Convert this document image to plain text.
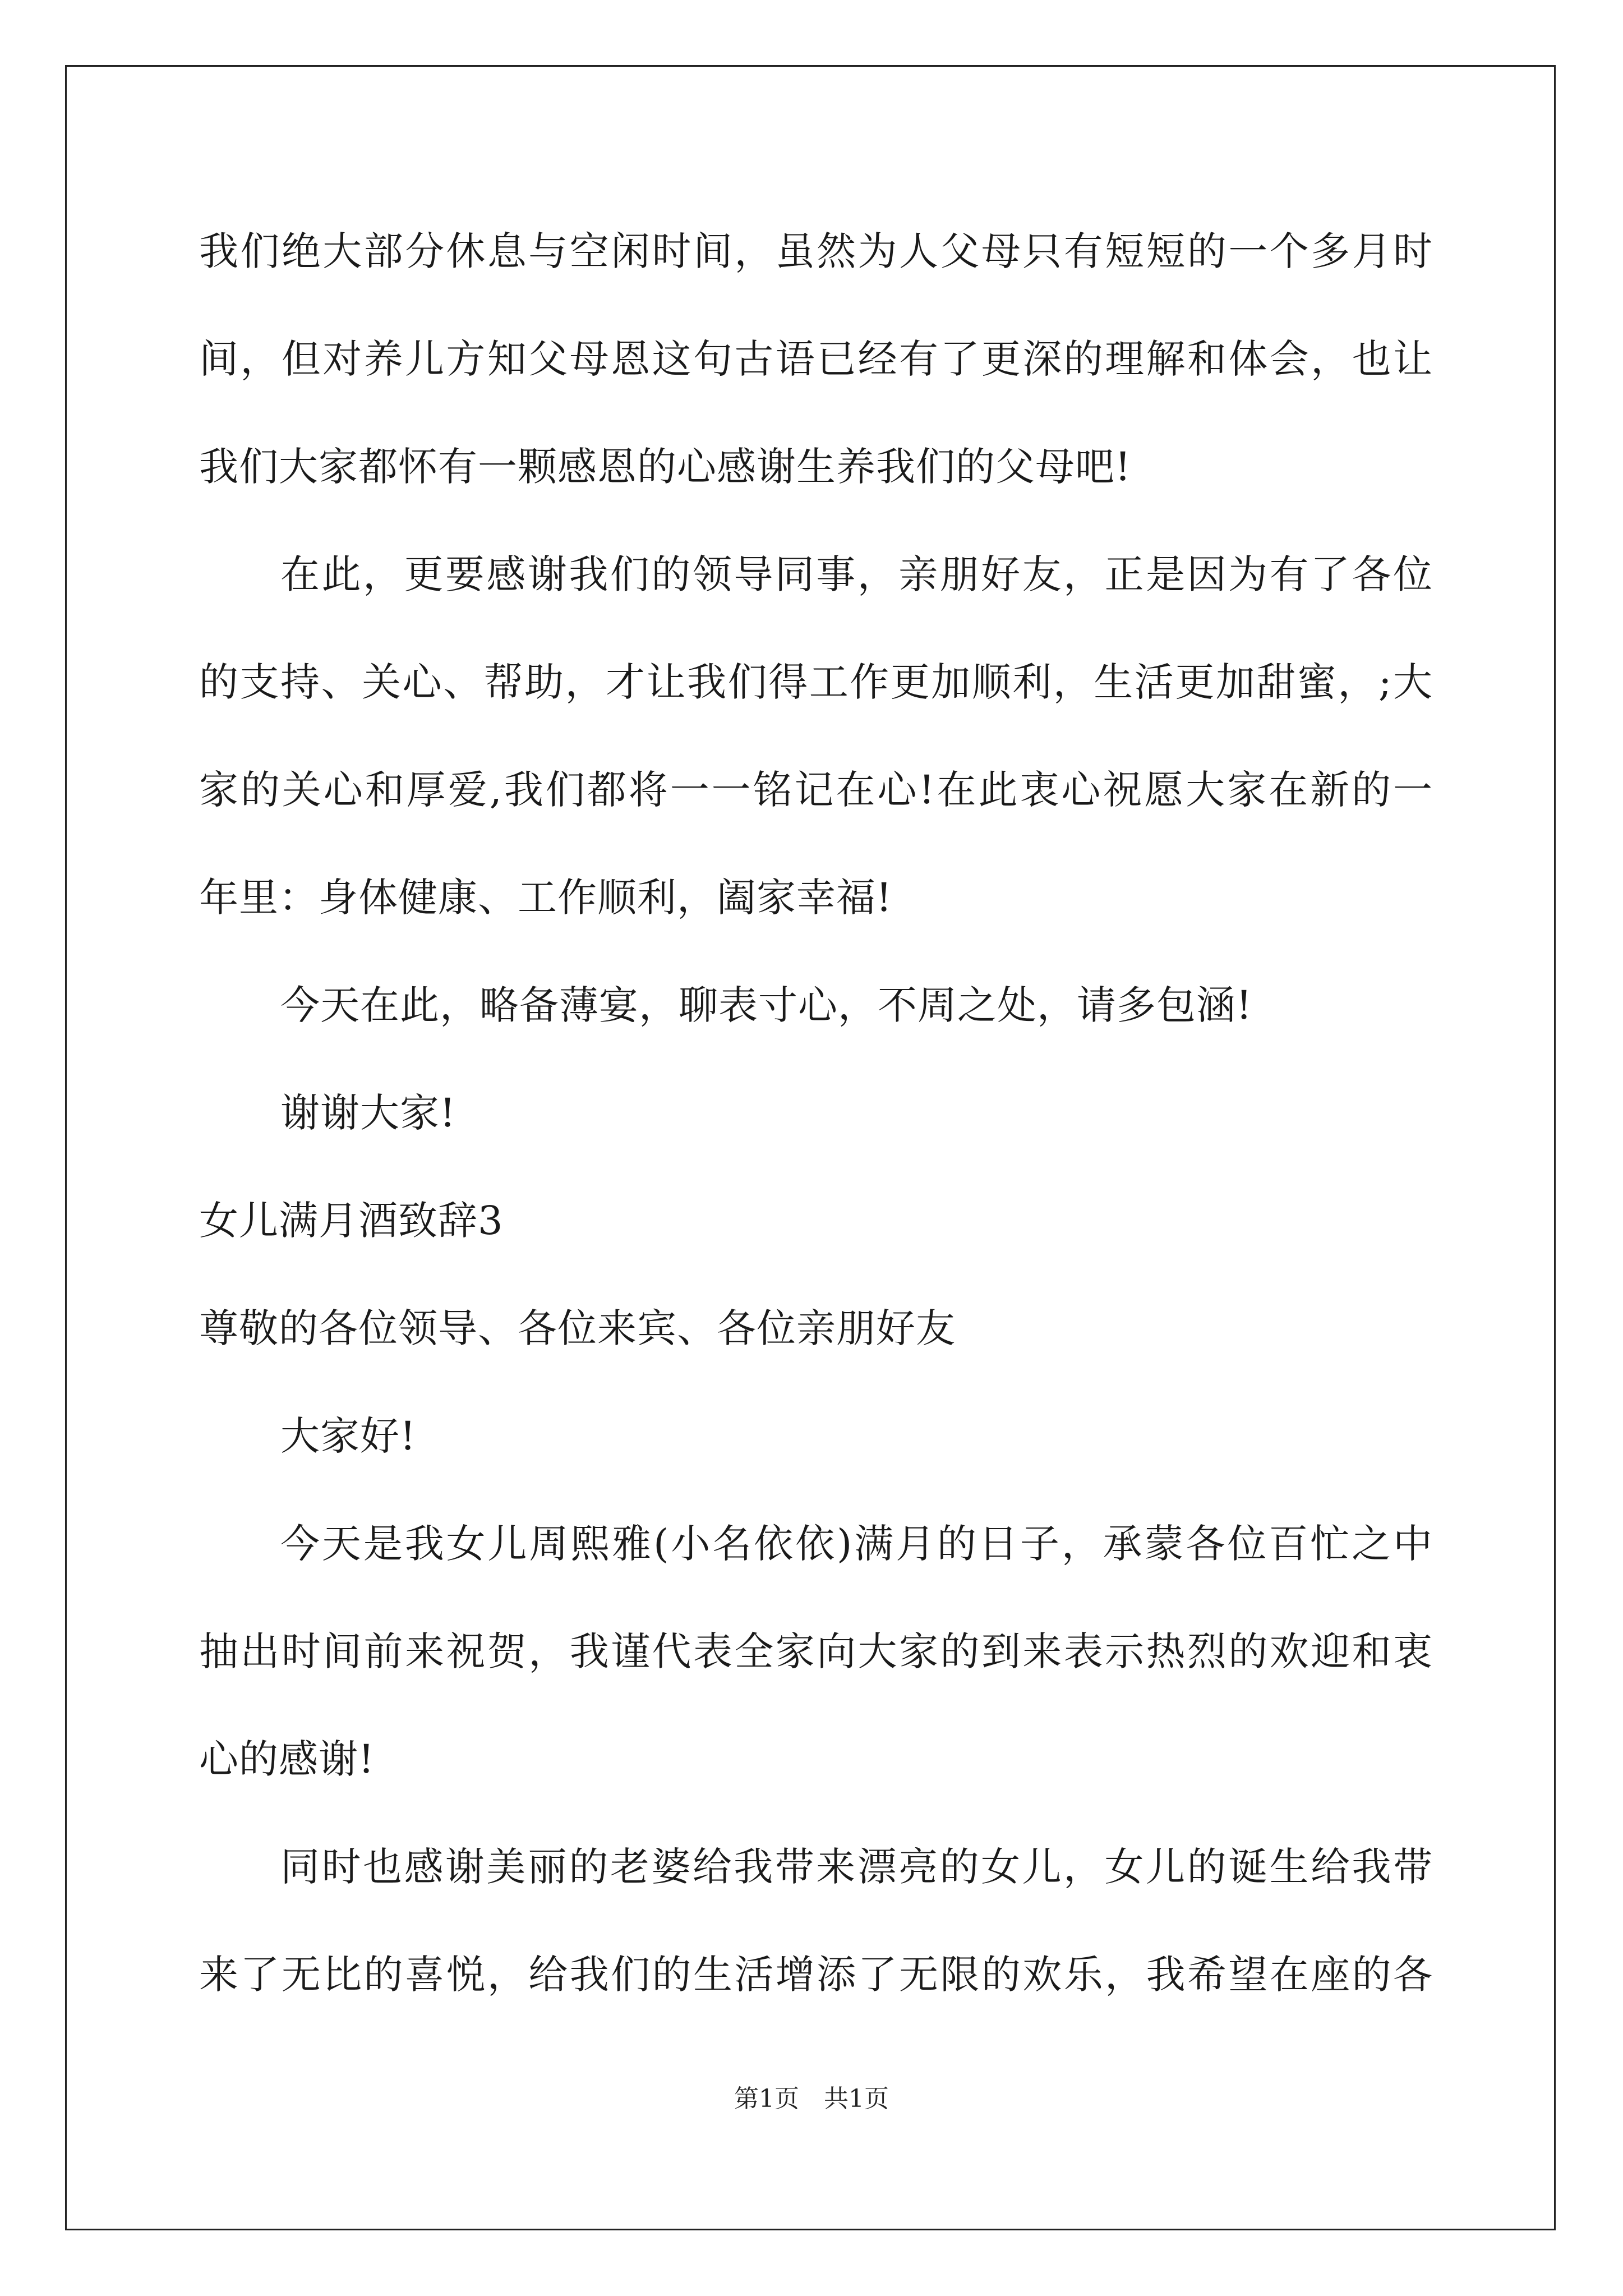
我们绝大部分休息与空闲时间，虽然为人父母只有短短的一个多月时
间，但对养儿方知父母恩这句古语已经有了更深的理解和体会，也让
我们大家都怀有一颗感恩的心感谢生养我们的父母吧!
在此，更要感谢我们的领导同事，亲朋好友，正是因为有了各位
的支持、关心、帮助，才让我们得工作更加顺利，生活更加甜蜜，;大
家的关心和厚爱,我们都将一一铭记在心!在此衷心祝愿大家在新的一
年里：身体健康、工作顺利，阖家幸福!
今天在此，略备薄宴，聊表寸心，不周之处，请多包涵!
谢谢大家!
女儿满月酒致辞3
尊敬的各位领导、各位来宾、各位亲朋好友
大家好!
今天是我女儿周熙雅(小名依依)满月的日子，承蒙各位百忙之中
抽出时间前来祝贺，我谨代表全家向大家的到来表示热烈的欢迎和衷
心的感谢!
同时也感谢美丽的老婆给我带来漂亮的女儿，女儿的诞生给我带
来了无比的喜悦，给我们的生活增添了无限的欢乐，我希望在座的各
第1页　共1页
